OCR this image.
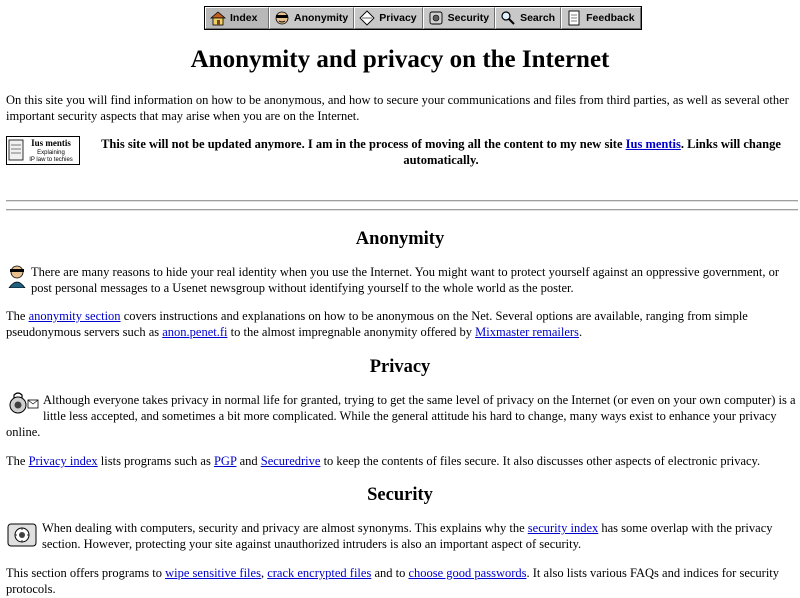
Index	Anonymity	Privacy	Security	Search	Feedback
Anonymity and privacy on the Internet

On this site you will find information on how to be anonymous, and how to secure your communications and files from third parties, as well as several other important security aspects that may arise when you are on the Internet.

Ius mentis
Explaining
IP law to techies

This site will not be updated anymore. I am in the process of moving all the content to my new site Ius mentis. Links will change automatically.

Anonymity
There are many reasons to hide your real identity when you use the Internet. You might want to protect yourself against an oppressive government, or post personal messages to a Usenet newsgroup without identifying yourself to the whole world as the poster.

The anonymity section covers instructions and explanations on how to be anonymous on the Net. Several options are available, ranging from simple pseudonymous servers such as anon.penet.fi to the almost impregnable anonymity offered by Mixmaster remailers.

Privacy
Although everyone takes privacy in normal life for granted, trying to get the same level of privacy on the Internet (or even on your own computer) is a little less accepted, and sometimes a bit more complicated. While the general attitude his hard to change, many ways exist to enhance your privacy online.

The Privacy index lists programs such as PGP and Securedrive to keep the contents of files secure. It also discusses other aspects of electronic privacy.

Security
When dealing with computers, security and privacy are almost synonyms. This explains why the security index has some overlap with the privacy section. However, protecting your site against unauthorized intruders is also an important aspect of security.

This section offers programs to wipe sensitive files, crack encrypted files and to choose good passwords. It also lists various FAQs and indices for security protocols.
